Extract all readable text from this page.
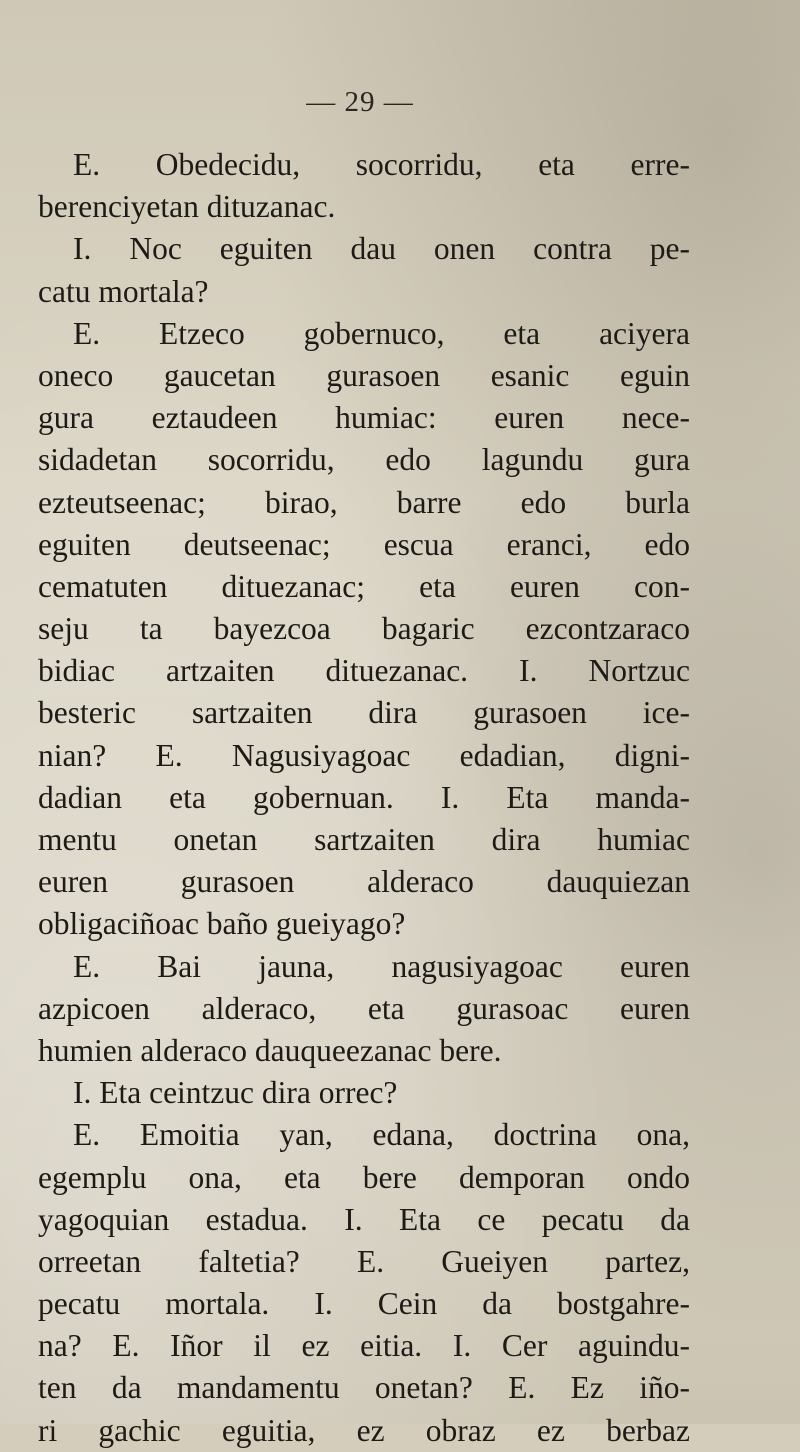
— 29 —
E. Obedecidu, socorridu, eta erre-
berenciyetan dituzanac.
I. Noc eguiten dau onen contra pe-
catu mortala?
E. Etzeco gobernuco, eta aciyera
oneco gaucetan gurasoen esanic eguin
gura eztaudeen humiac: euren nece-
sidadetan socorridu, edo lagundu gura
ezteutseenac; birao, barre edo burla
eguiten deutseenac; escua eranci, edo
cematuten dituezanac; eta euren con-
seju ta bayezcoa bagaric ezcontzaraco
bidiac artzaiten dituezanac. I. Nortzuc
besteric sartzaiten dira gurasoen ice-
nian? E. Nagusiyagoac edadian, digni-
dadian eta gobernuan. I. Eta manda-
mentu onetan sartzaiten dira humiac
euren gurasoen alderaco dauquiezan
obligaciñoac baño gueiyago?
E. Bai jauna, nagusiyagoac euren
azpicoen alderaco, eta gurasoac euren
humien alderaco dauqueezanac bere.
I. Eta ceintzuc dira orrec?
E. Emoitia yan, edana, doctrina ona,
egemplu ona, eta bere demporan ondo
yagoquian estadua. I. Eta ce pecatu da
orreetan faltetia? E. Gueiyen partez,
pecatu mortala. I. Cein da bostgahre-
na? E. Iñor il ez eitia. I. Cer aguindu-
ten da mandamentu onetan? E. Ez iño-
ri gachic eguitia, ez obraz ez berbaz
